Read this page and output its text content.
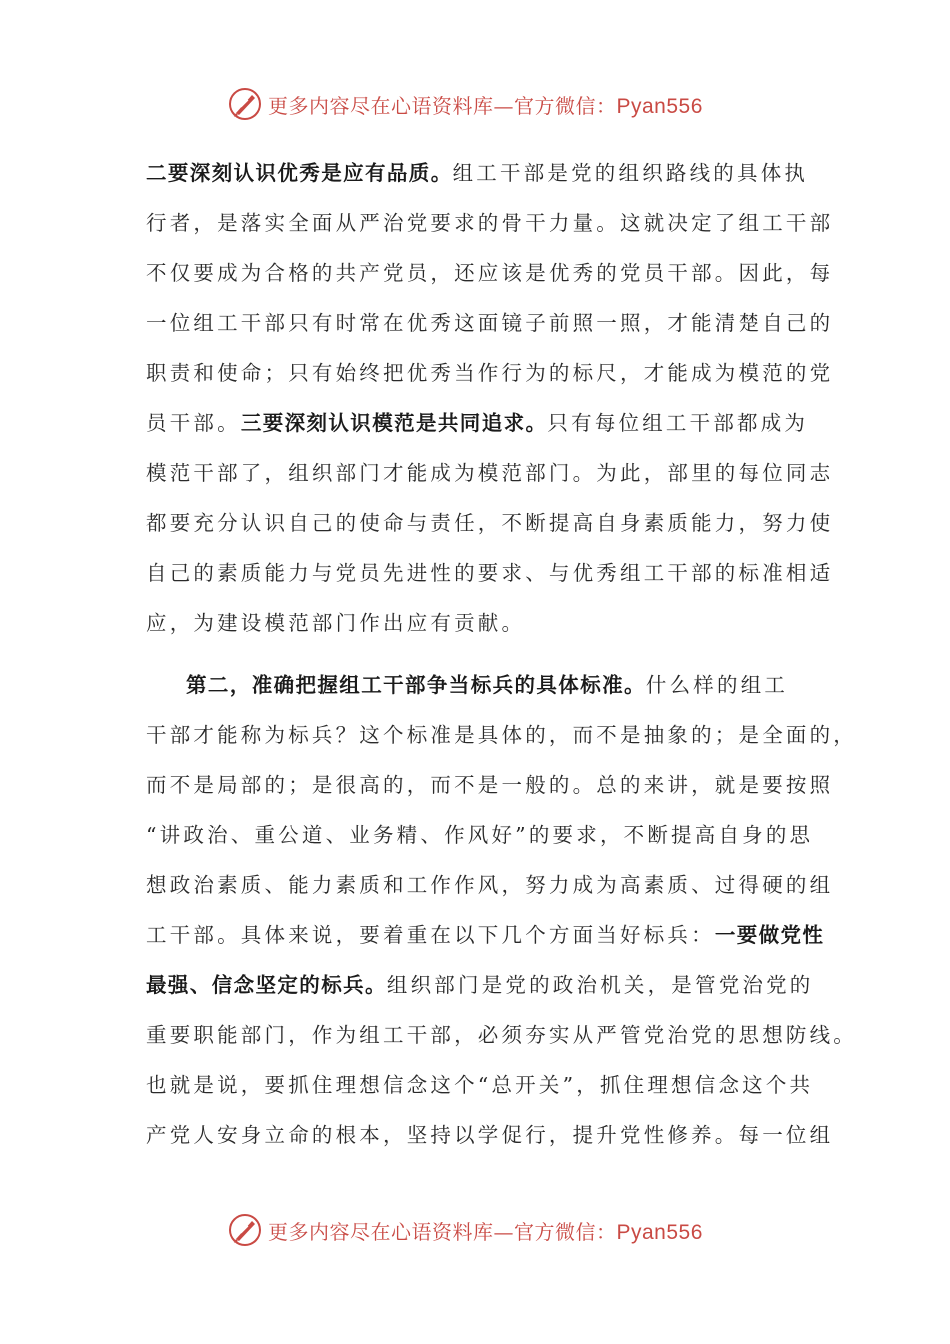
更多内容尽在心语资料库—官方微信：Pyan556
二要深刻认识优秀是应有品质。组工干部是党的组织路线的具体执
行者，是落实全面从严治党要求的骨干力量。这就决定了组工干部
不仅要成为合格的共产党员，还应该是优秀的党员干部。因此，每
一位组工干部只有时常在优秀这面镜子前照一照，才能清楚自己的
职责和使命；只有始终把优秀当作行为的标尺，才能成为模范的党
员干部。三要深刻认识模范是共同追求。只有每位组工干部都成为
模范干部了，组织部门才能成为模范部门。为此，部里的每位同志
都要充分认识自己的使命与责任，不断提高自身素质能力，努力使
自己的素质能力与党员先进性的要求、与优秀组工干部的标准相适
应，为建设模范部门作出应有贡献。
第二，准确把握组工干部争当标兵的具体标准。什么样的组工
干部才能称为标兵？这个标准是具体的，而不是抽象的；是全面的，
而不是局部的；是很高的，而不是一般的。总的来讲，就是要按照
“讲政治、重公道、业务精、作风好”的要求，不断提高自身的思
想政治素质、能力素质和工作作风，努力成为高素质、过得硬的组
工干部。具体来说，要着重在以下几个方面当好标兵：一要做党性
最强、信念坚定的标兵。组织部门是党的政治机关，是管党治党的
重要职能部门，作为组工干部，必须夯实从严管党治党的思想防线。
也就是说，要抓住理想信念这个“总开关”，抓住理想信念这个共
产党人安身立命的根本，坚持以学促行，提升党性修养。每一位组
更多内容尽在心语资料库—官方微信：Pyan556
